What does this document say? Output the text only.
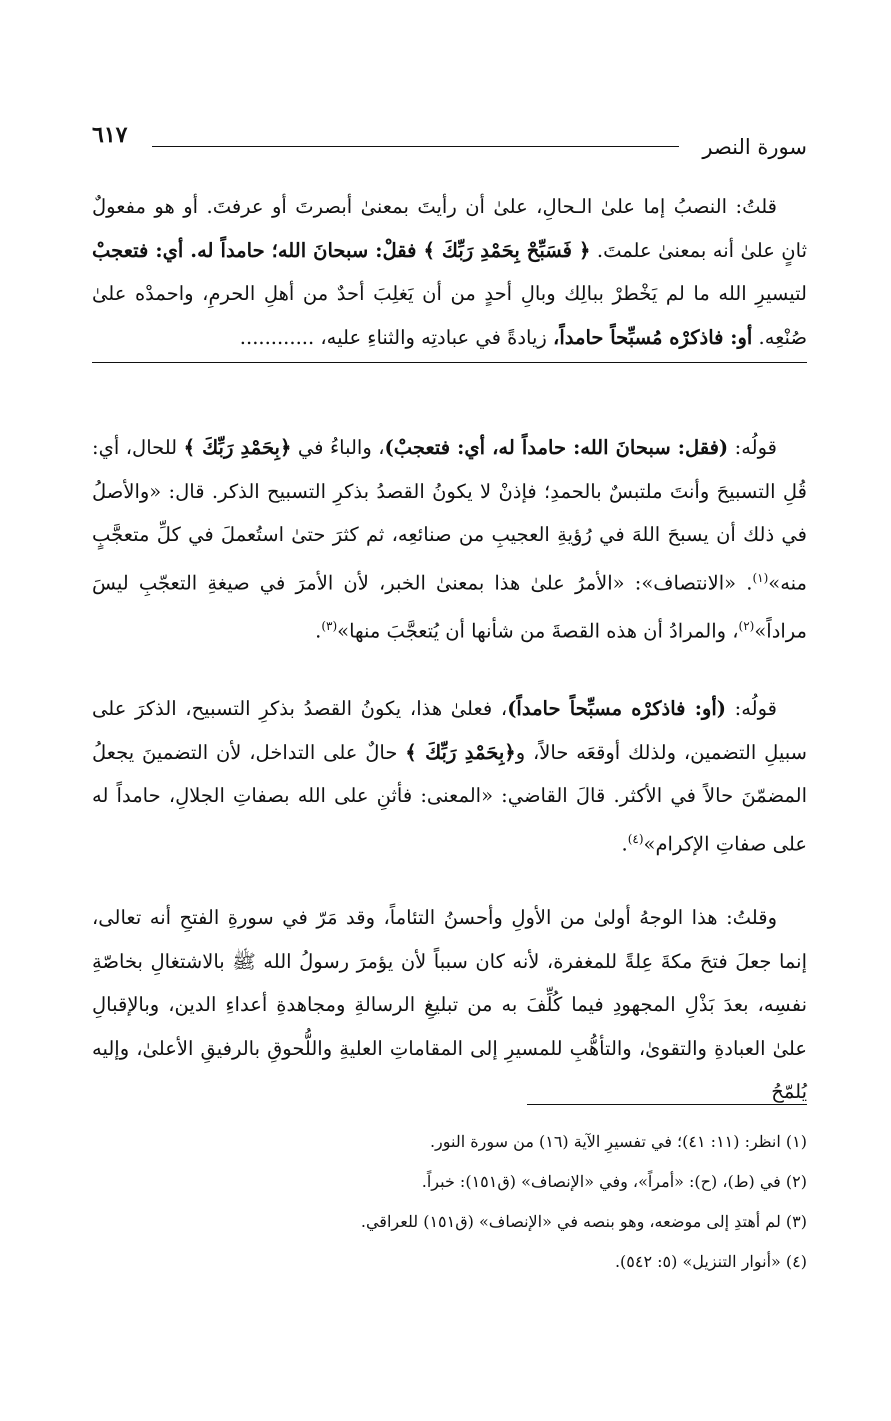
سورة النصر
٦١٧

قلتُ: النصبُ إما علىٰ الـحالِ، علىٰ أن رأيتَ بمعنىٰ أبصرتَ أو عرفتَ. أو هو مفعولٌ ثانٍ علىٰ أنه بمعنىٰ علمتَ. ﴿ فَسَبِّحْ بِحَمْدِ رَبِّكَ ﴾ فقلْ: سبحانَ الله؛ حامداً له. أي: فتعجبْ لتيسيرِ الله ما لم يَخْطرْ ببالِك وبالِ أحدٍ من أن يَغلِبَ أحدٌ من أهلِ الحرمِ، واحمدْه علىٰ صُنْعِه. أو: فاذكرْه مُسبِّحاً حامداً، زيادةً في عبادتِه والثناءِ عليه، ............

قولُه: (فقل: سبحانَ الله: حامداً له، أي: فتعجبْ)، والباءُ في ﴿بِحَمْدِ رَبِّكَ ﴾ للحال، أي: قُلِ التسبيحَ وأنتَ ملتبسٌ بالحمدِ؛ فإذنْ لا يكونُ القصدُ بذكرِ التسبيح الذكر. قال: «والأصلُ في ذلك أن يسبحَ اللهَ في رُؤيةِ العجيبِ من صنائعِه، ثم كثرَ حتىٰ استُعملَ في كلِّ متعجَّبٍ منه»$^{(١)}$. «الانتصاف»: «الأمرُ علىٰ هذا بمعنىٰ الخبر، لأن الأمرَ في صيغةِ التعجّبِ ليسَ مراداً»$^{(٢)}$، والمرادُ أن هذه القصةَ من شأنها أن يُتعجَّبَ منها»$^{(٣)}$.

قولُه: (أو: فاذكرْه مسبِّحاً حامداً)، فعلىٰ هذا، يكونُ القصدُ بذكرِ التسبيح، الذكرَ على سبيلِ التضمين، ولذلك أوقعَه حالاً، و﴿بِحَمْدِ رَبِّكَ ﴾ حالٌ على التداخل، لأن التضمينَ يجعلُ المضمّنَ حالاً في الأكثر. قالَ القاضي: «المعنى: فأثنِ على الله بصفاتِ الجلالِ، حامداً له على صفاتِ الإكرام»$^{(٤)}$.

وقلتُ: هذا الوجهُ أولىٰ من الأولِ وأحسنُ التئاماً، وقد مَرّ في سورةِ الفتحِ أنه تعالى، إنما جعلَ فتحَ مكةَ عِلةً للمغفرة، لأنه كان سبباً لأن يؤمرَ رسولُ الله ﷺ بالاشتغالِ بخاصّةِ نفسِه، بعدَ بَذْلِ المجهودِ فيما كُلِّفَ به من تبليغِ الرسالةِ ومجاهدةِ أعداءِ الدين، وبالإقبالِ علىٰ العبادةِ والتقوىٰ، والتأهُّبِ للمسيرِ إلى المقاماتِ العليةِ واللُّحوقِ بالرفيقِ الأعلىٰ، وإليه يُلمّحُ

(١) انظر: (١١: ٤١)؛ في تفسيرِ الآية (١٦) من سورة النور.

(٢) في (ط)، (ح): «أمراً»، وفي «الإنصاف» (ق١٥١): خبراً.

(٣) لم أهتدِ إلى موضعه، وهو بنصه في «الإنصاف» (ق١٥١) للعراقي.

(٤) «أنوار التنزيل» (٥: ٥٤٢).
